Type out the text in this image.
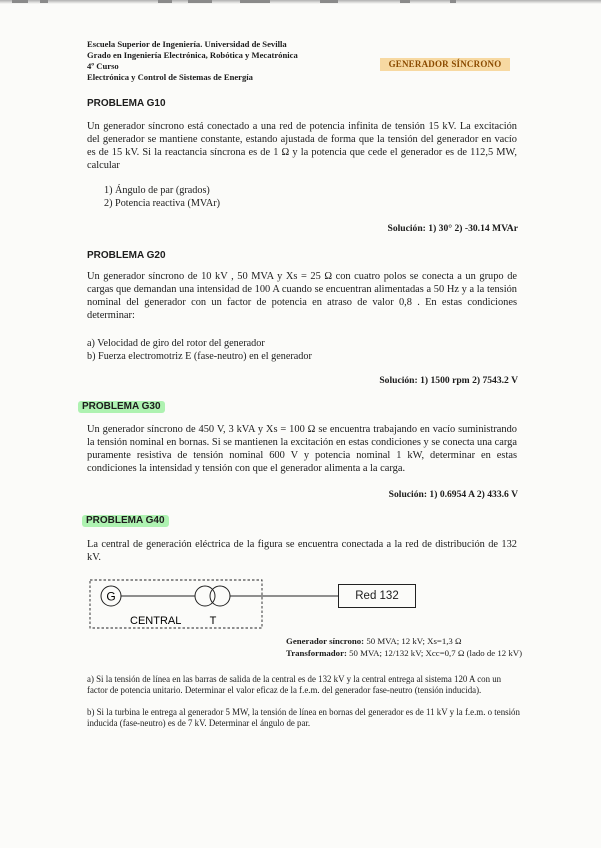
Escuela Superior de Ingeniería. Universidad de Sevilla
Grado en Ingeniería Electrónica, Robótica y Mecatrónica
4º Curso
Electrónica y Control de Sistemas de Energía
GENERADOR SÍNCRONO
PROBLEMA G10

Un generador síncrono está conectado a una red de potencia infinita de tensión 15 kV. La excitación del generador se mantiene constante, estando ajustada de forma que la tensión del generador en vacío es de 15 kV. Si la reactancia síncrona es de 1 Ω y la potencia que cede el generador es de 112,5 MW, calcular

1) Ángulo de par (grados)
2) Potencia reactiva (MVAr)
Solución: 1) 30° 2) -30.14 MVAr
PROBLEMA G20

Un generador síncrono de 10 kV , 50 MVA y Xs = 25 Ω con cuatro polos se conecta a un grupo de cargas que demandan una intensidad de 100 A cuando se encuentran alimentadas a 50 Hz y a la tensión nominal del generador con un factor de potencia en atraso de valor 0,8 . En estas condiciones determinar:

a) Velocidad de giro del rotor del generador
b) Fuerza electromotriz E (fase-neutro) en el generador
Solución: 1) 1500 rpm 2) 7543.2 V
PROBLEMA G30

Un generador síncrono de 450 V, 3 kVA y Xs = 100 Ω se encuentra trabajando en vacío suministrando la tensión nominal en bornas. Si se mantienen la excitación en estas condiciones y se conecta una carga puramente resistiva de tensión nominal 600 V y potencia nominal 1 kW, determinar en estas condiciones la intensidad y tensión con que el generador alimenta a la carga.

Solución: 1) 0.6954 A 2) 433.6 V
PROBLEMA G40

La central de generación eléctrica de la figura se encuentra conectada a la red de distribución de 132 kV.

G
CENTRAL	T
Red 132
Generador síncrono: 50 MVA; 12 kV; Xs=1,3 Ω
Transformador: 50 MVA; 12/132 kV; Xcc=0,7 Ω (lado de 12 kV)
a) Si la tensión de línea en las barras de salida de la central es de 132 kV y la central entrega al sistema 120 A con un factor de potencia unitario. Determinar el valor eficaz de la f.e.m. del generador fase-neutro (tensión inducida).
b) Si la turbina le entrega al generador 5 MW, la tensión de línea en bornas del generador es de 11 kV y la f.e.m. o tensión inducida (fase-neutro) es de 7 kV. Determinar el ángulo de par.
